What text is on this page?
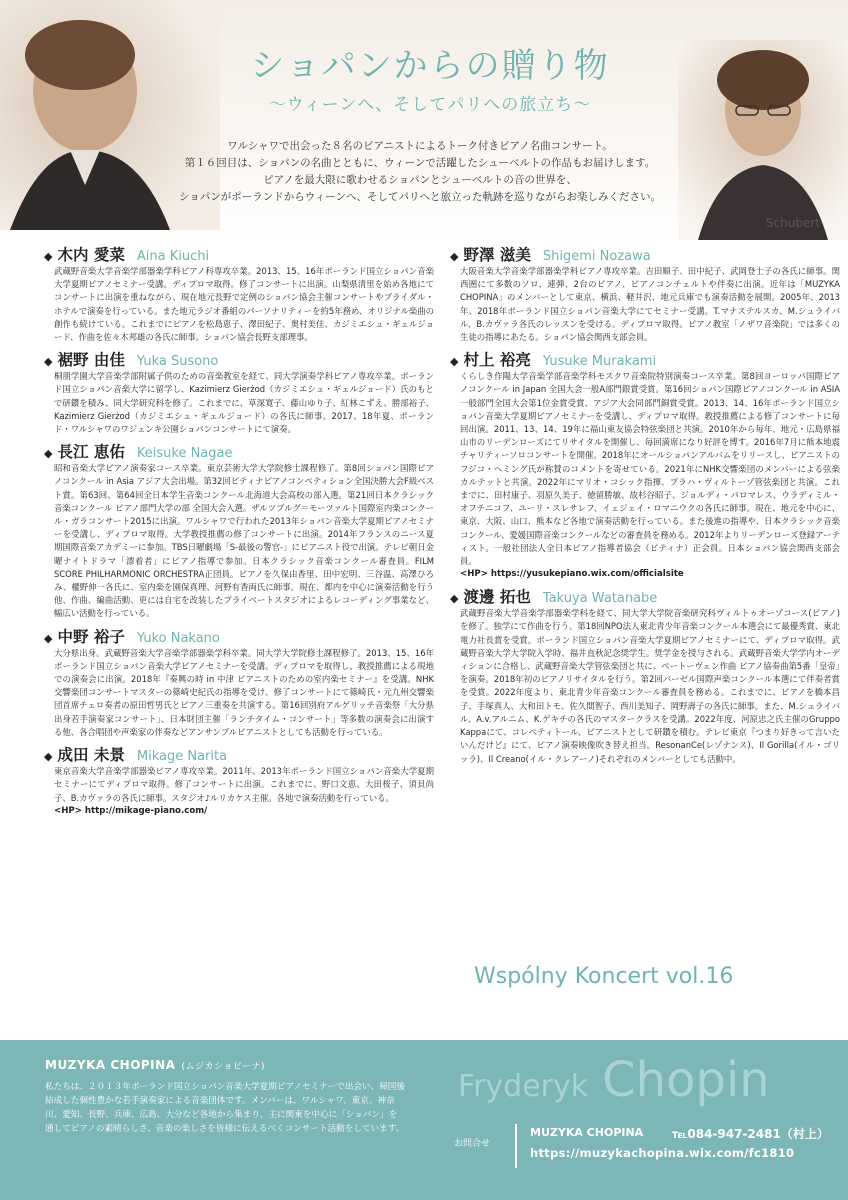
ショパンからの贈り物
～ウィーンへ、そしてパリへの旅立ち～
ワルシャワで出会った８名のピアニストによるトーク付きピアノ名曲コンサート。
第１６回目は、ショパンの名曲とともに、ウィーンで活躍したシューベルトの作品もお届けします。
ピアノを最大限に歌わせるショパンとシューベルトの音の世界を、
ショパンがポーランドからウィーンへ、そしてパリへと旅立った軌跡を巡りながらお楽しみください。
Schubert
◆ 木内 愛菜 Aina Kiuchi
武蔵野音楽大学音楽学部器楽学科ピアノ科専攻卒業。2013、15、16年ポーランド国立ショパン音楽大学夏期ピアノセミナー受講。ディプロマ取得。修了コンサートに出演。山梨県清里を始め各地にてコンサートに出演を重ねながら、現在地元長野で定例のショパン協会主催コンサートやブライダル・ホテルで演奏を行っている。また地元ラジオ番組のパーソナリティーを約5年務め、オリジナル楽曲の創作も続けている。これまでにピアノを松島恵子、澤田紀子、奥村美佳、カジミエシュ・ギェルジョード、作曲を佐々木邦雄の各氏に師事。ショパン協会長野支部理事。
◆ 裾野 由佳 Yuka Susono
桐朋学園大学音楽学部附属子供のための音楽教室を経て、同大学演奏学科ピアノ専攻卒業。ポーランド国立ショパン音楽大学に留学し、Kazimierz Gierżod（カジミエシュ・ギェルジョード）氏のもとで研鑽を積み、同大学研究科を修了。これまでに、草深寛子、藤山ゆり子、紅林こずえ、勝部裕子、Kazimierz Gierżod（カジミエシュ・ギェルジョード）の各氏に師事。2017、18年夏、ポーランド・ワルシャワのワジェンキ公園ショパンコンサートにて演奏。
◆ 長江 恵佑 Keisuke Nagae
昭和音楽大学ピアノ演奏家コース卒業。東京芸術大学大学院修士課程修了。第8回ショパン国際ピアノコンクール in Asia アジア大会出場。第32回ピティナピアノコンペティション全国決勝大会F級ベスト賞。第63回、第64回全日本学生音楽コンクール北海道大会高校の部入選。第21回日本クラシック音楽コンクール ピアノ部門大学の部 全国大会入選。ザルツブルグ＝モーツァルト国際室内楽コンクール・ガラコンサート2015に出演。ワルシャワで行われた2013年ショパン音楽大学夏期ピアノセミナーを受講し、ディプロマ取得。大学教授推薦の修了コンサートに出演。2014年フランスのニース夏期国際音楽アカデミーに参加。TBS日曜劇場「S-最後の警官-」にピアニスト役で出演。テレビ朝日金曜ナイトドラマ「漂着者」にピアノ指導で参加。日本クラシック音楽コンクール審査員。FILM SCORE PHILHARMONIC ORCHESTRA正団員。ピアノを久保由香里、田中宏明、三谷温、高澤ひろみ、權野伸一各氏に、室内楽を園保真理、河野有香両氏に師事。現在、都内を中心に演奏活動を行う他、作曲、編曲活動、更には自宅を改装したプライベートスタジオによるレコーディング事業など、幅広い活動を行っている。
◆ 中野 裕子 Yuko Nakano
大分県出身。武蔵野音楽大学音楽学部器楽学科卒業。同大学大学院修士課程修了。2013、15、16年ポーランド国立ショパン音楽大学ピアノセミナーを受講。ディプロマを取得し、教授推薦による現地での演奏会に出演。2018年『奏興の時 in 中津 ピアニストのための室内楽セミナー』を受講。NHK交響楽団コンサートマスターの篠崎史紀氏の指導を受け、修了コンサートにて篠崎氏・元九州交響楽団首席チェロ奏者の原田哲男氏とピアノ三重奏を共演する。第16回別府アルゲリッチ音楽祭「大分県出身若手演奏家コンサート」、日本財団主催「ランチタイム・コンサート」等多数の演奏会に出演する他、各合唱団や声楽家の伴奏などアンサンブルピアニストとしても活動を行っている。
◆ 成田 未景 Mikage Narita
東京音楽大学音楽学部器楽ピアノ専攻卒業。2011年、2013年ポーランド国立ショパン音楽大学夏期セミナーにてディプロマ取得。修了コンサートに出演。これまでに、野口文恵、大田桜子、須貝尚子、B.カヴァラの各氏に師事。スタジオ♪ルリカケス主催。各地で演奏活動を行っている。
<HP> http://mikage-piano.com/
◆ 野澤 滋美 Shigemi Nozawa
大阪音楽大学音楽学部器楽学科ピアノ専攻卒業。吉田順子、田中紀子、武岡登士子の各氏に師事。関西圏にて多数のソロ、連弾、2台のピアノ、ピアノコンチェルトや伴奏に出演。近年は「MUZYKA CHOPINA」のメンバーとして東京、横浜、軽井沢、地元兵庫でも演奏活動を展開。2005年、2013年、2018年ポーランド国立ショパン音楽大学にてセミナー受講。T.マナステルスカ、M.シュライバル、B.カヴァラ各氏のレッスンを受ける。ディプロマ取得。ピアノ教室「ノザワ音楽院」では多くの生徒の指導にあたる。ショパン協会関西支部会員。
◆ 村上 裕亮 Yusuke Murakami
くらしき作陽大学音楽学部音楽学科モスクワ音楽院特別演奏コース卒業。第8回ヨーロッパ国際ピアノコンクール in Japan 全国大会一般A部門銀賞受賞。第16回ショパン国際ピアノコンクール in ASIA 一般部門全国大会第1位金賞受賞、アジア大会同部門銅賞受賞。2013、14、16年ポーランド国立ショパン音楽大学夏期ピアノセミナーを受講し、ディプロマ取得。教授推薦による修了コンサートに毎回出演。2011、13、14、19年に福山東友協会特弦楽団と共演。2010年から毎年、地元・広島県福山市のリーデンローズにてリサイタルを開催し、毎回満席になり好評を博す。2016年7月に熊本地震チャリティーソロコンサートを開催。2018年にオールショパンアルバムをリリースし、ピアニストのフジコ・ヘミング氏が称賛のコメントを寄せている。2021年にNHK交響楽団のメンバーによる弦楽カルテットと共演。2022年にマリオ・コシック指揮、プラハ・ヴィルトーゾ管弦楽団と共演。これまでに、田村康子、羽原久美子、徳留勝敏、故杉谷昭子、ジョルディ・パロマレス、ウラディミル・オフチニコフ、ユーリ・スレサレフ、イェジェイ・ロマニウクの各氏に師事。現在、地元を中心に、東京、大阪、山口、熊本など各地で演奏活動を行っている。また後進の指導や、日本クラシック音楽コンクール、愛媛国際音楽コンクールなどの審査員を務める。2012年よりリーデンローズ登録アーティスト。一般社団法人全日本ピアノ指導者協会（ピティナ）正会員。日本ショパン協会関西支部会員。
<HP> https://yusukepiano.wix.com/officialsite
◆ 渡邊 拓也 Takuya Watanabe
武蔵野音楽大学音楽学部器楽学科を経て、同大学大学院音楽研究科ヴィルトゥオーゾコース(ピアノ)を修了。独学にて作曲を行う。第18回NPO法人東北青少年音楽コンクール本選会にて最優秀賞、東北電力社長賞を受賞。ポーランド国立ショパン音楽大学夏期ピアノセミナーにて、ディプロマ取得。武蔵野音楽大学大学院入学時、福井直秋記念奨学生。奨学金を授与される。武蔵野音楽大学学内オーディションに合格し、武蔵野音楽大学管弦楽団と共に、ベートーヴェン作曲 ピアノ協奏曲第5番「皇帝」を演奏。2018年初のピアノリサイタルを行う。第2回バーゼル国際声楽コンクール本選にて伴奏者賞を受賞。2022年度より、東北青少年音楽コンクール審査員を務める。これまでに、ピアノを橋本昌子、手塚真人、大和田トモ、佐久間智子、西川美知子、岡野壽子の各氏に師事。また、M.シュライバル、A.v.アルニム、K.ゲキチの各氏のマスタークラスを受講。2022年度、河原忠之氏主催のGruppo Kappaにて、コレペティトール、ピアニストとして研鑽を積む。テレビ東京『つまり好きって言いたいんだけど』にて、ピアノ演奏映像吹き替え担当。ResonanCe(レゾナンス)、Il Gorilla(イル・ゴリッラ)、Il Creano(イル・クレアーノ)それぞれのメンバーとしても活動中。
Wspólny Koncert vol.16
MUZYKA CHOPINA (ムジカショピーナ)
私たちは、２０１３年ポーランド国立ショパン音楽大学夏期ピアノセミナーで出会い、帰国後結成した個性豊かな若手演奏家による音楽団体です。メンバーは、ワルシャワ、東京、神奈川、愛知、長野、兵庫、広島、大分など各地から集まり、主に関東を中心に「ショパン」を通してピアノの素晴らしさ、音楽の楽しさを皆様に伝えるべくコンサート活動をしています。
Fryderyk Chopin
お問合せ
MUZYKA CHOPINA ℡084-947-2481（村上）
https://muzykachopina.wix.com/fc1810
